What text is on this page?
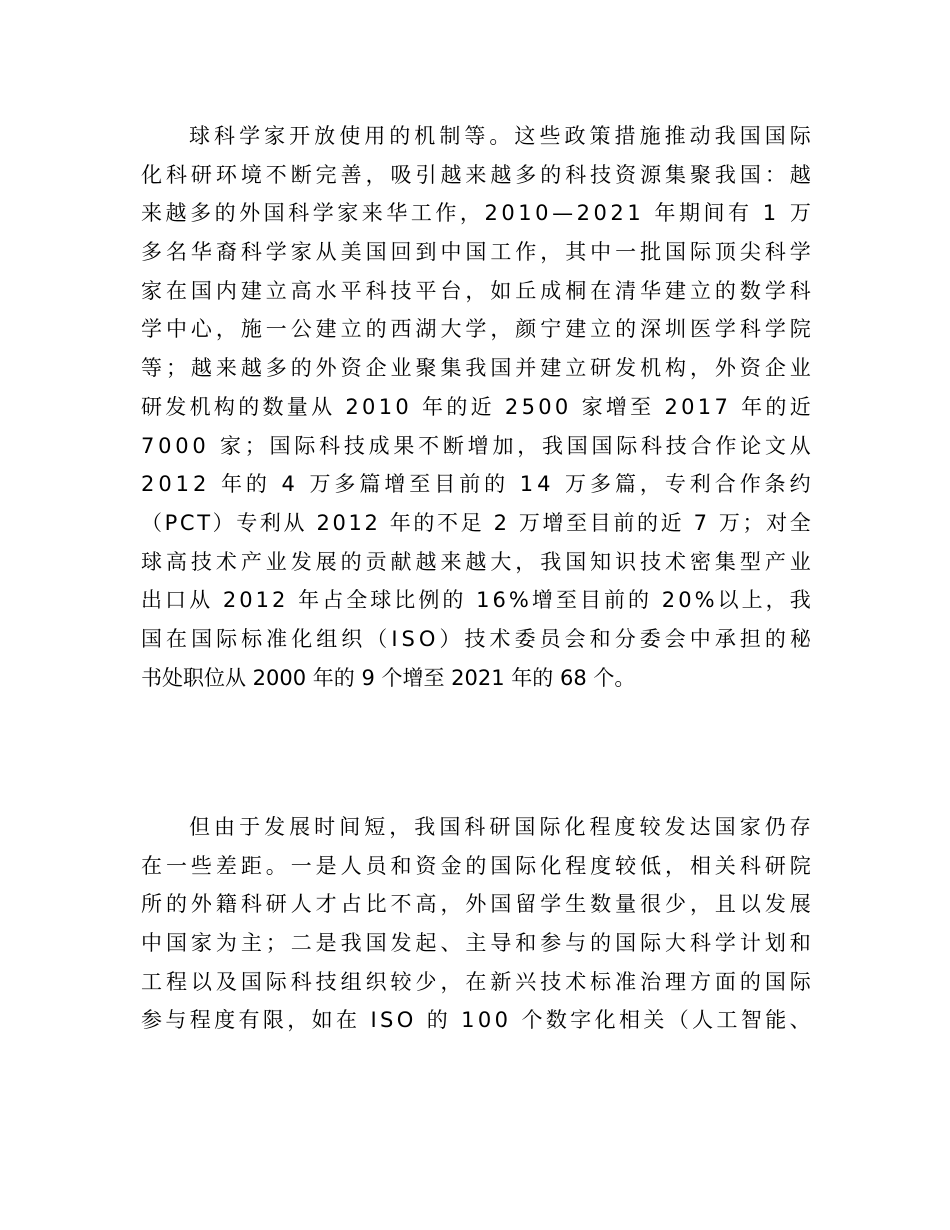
球 科 学 家 开 放 使 用 的 机 制 等 。 这 些 政 策 措 施 推 动 我 国 国 际
化 科 研 环 境 不 断 完 善 ， 吸 引 越 来 越 多 的 科 技 资 源 集 聚 我 国 ： 越
来 越 多 的 外 国 科 学 家 来 华 工 作 ， 2 0 1 0 — 2 0 2 1
年 期 间 有
1
万
多 名 华 裔 科 学 家 从 美 国 回 到 中 国 工 作 ， 其 中 一 批 国 际 顶 尖 科 学
家 在 国 内 建 立 高 水 平 科 技 平 台 ， 如 丘 成 桐 在 清 华 建 立 的 数 学 科
学 中 心 ， 施 一 公 建 立 的 西 湖 大 学 ， 颜 宁 建 立 的 深 圳 医 学 科 学 院
等 ； 越 来 越 多 的 外 资 企 业 聚 集 我 国 并 建 立 研 发 机 构 ， 外 资 企 业
研 发 机 构 的 数 量 从
2 0 1 0
年 的 近
2 5 0 0
家 增 至
2 0 1 7
年 的 近
7 0 0 0
家 ； 国 际 科 技 成 果 不 断 增 加 ， 我 国 国 际 科 技 合 作 论 文 从
2 0 1 2
年 的
4
万 多 篇 增 至 目 前 的
1 4
万 多 篇 ， 专 利 合 作 条 约
（ P C T ） 专 利 从
2 0 1 2
年 的 不 足
2
万 增 至 目 前 的 近
7
万 ； 对 全
球 高 技 术 产 业 发 展 的 贡 献 越 来 越 大 ， 我 国 知 识 技 术 密 集 型 产 业
出 口 从
2 0 1 2
年 占 全 球 比 例 的
1 6 % 增 至 目 前 的
2 0 % 以 上 ， 我
国 在 国 际 标 准 化 组 织 （ I S O ） 技 术 委 员 会 和 分 委 会 中 承 担 的 秘
书处职位从 2000 年的 9 个增至 2021 年的 68 个。
但 由 于 发 展 时 间 短 ， 我 国 科 研 国 际 化 程 度 较 发 达 国 家 仍 存
在 一 些 差 距 。 一 是 人 员 和 资 金 的 国 际 化 程 度 较 低 ， 相 关 科 研 院
所 的 外 籍 科 研 人 才 占 比 不 高 ， 外 国 留 学 生 数 量 很 少 ， 且 以 发 展
中 国 家 为 主 ； 二 是 我 国 发 起 、 主 导 和 参 与 的 国 际 大 科 学 计 划 和
工 程 以 及 国 际 科 技 组 织 较 少 ， 在 新 兴 技 术 标 准 治 理 方 面 的 国 际
参 与 程 度 有 限 ， 如 在
I S O
的
1 0 0
个 数 字 化 相 关 （ 人 工 智 能 、
